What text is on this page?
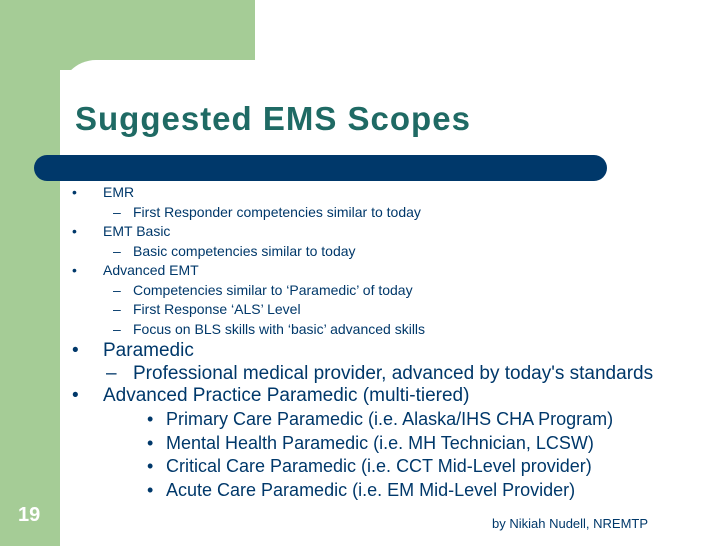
Suggested EMS Scopes
• EMR
– First Responder competencies similar to today
• EMT Basic
– Basic competencies similar to today
• Advanced EMT
– Competencies similar to ‘Paramedic’ of today
– First Response ‘ALS’ Level
– Focus on BLS skills with ‘basic’ advanced skills
• Paramedic
– Professional medical provider, advanced by today's standards
• Advanced Practice Paramedic (multi-tiered)
• Primary Care Paramedic (i.e. Alaska/IHS CHA Program)
• Mental Health Paramedic (i.e. MH Technician, LCSW)
• Critical Care Paramedic (i.e. CCT Mid-Level provider)
• Acute Care Paramedic (i.e. EM Mid-Level Provider)
19	by Nikiah Nudell, NREMTP
